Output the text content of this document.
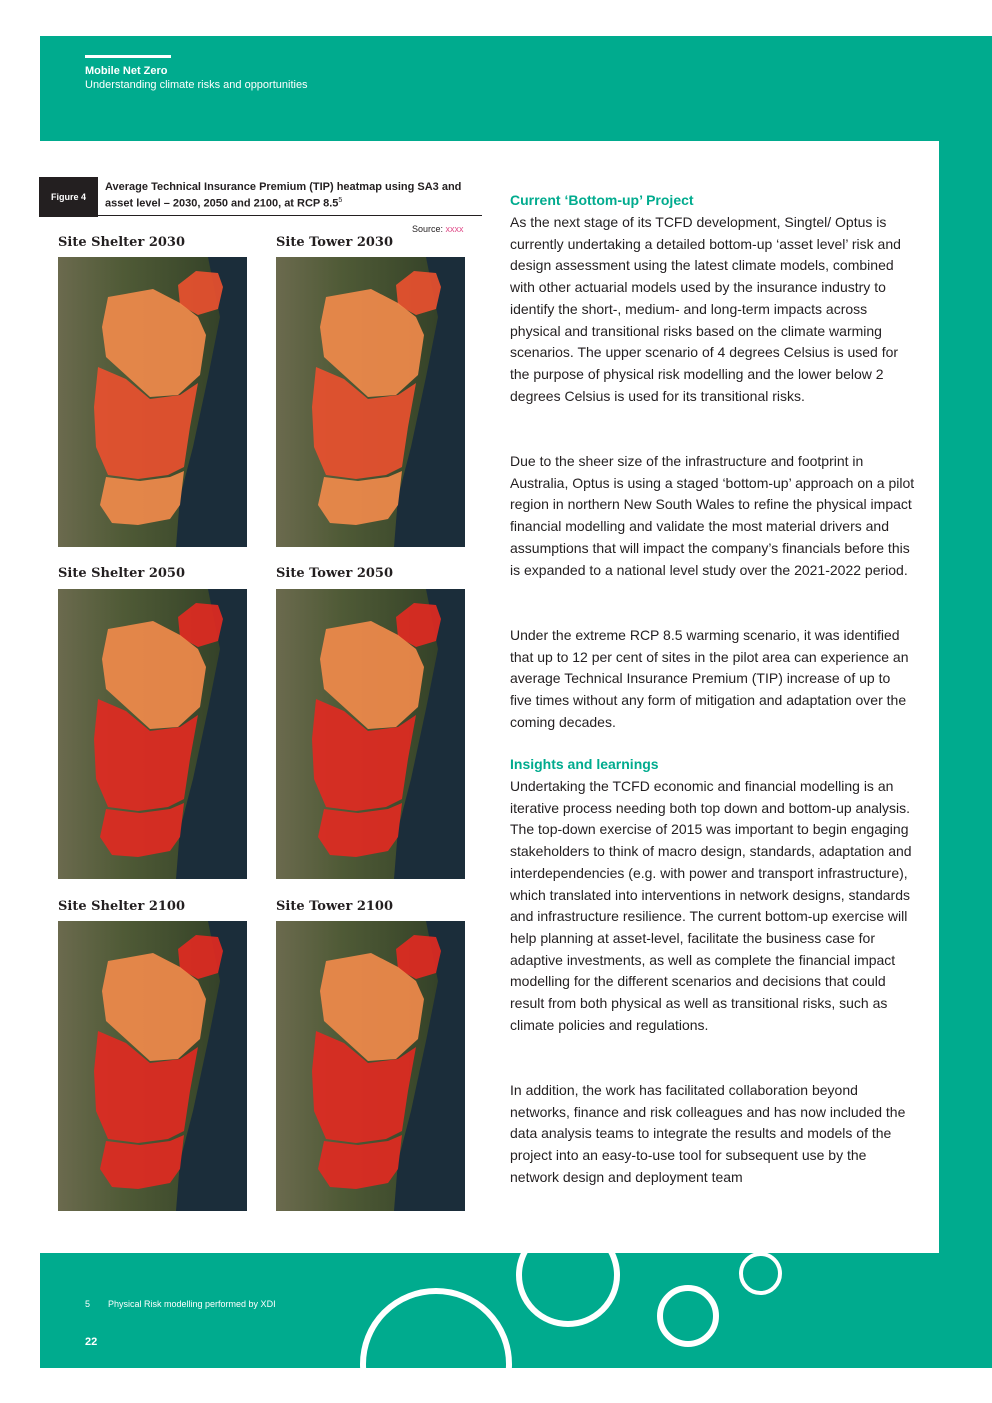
Mobile Net Zero
Understanding climate risks and opportunities
Figure 4
Average Technical Insurance Premium (TIP) heatmap using SA3 and asset level – 2030, 2050 and 2100, at RCP $8.5^5$
Source: xxxx
Site Shelter 2030	Site Tower 2030
Site Shelter 2050	Site Tower 2050
Site Shelter 2100	Site Tower 2100
Current ‘Bottom-up’ Project
As the next stage of its TCFD development, Singtel/ Optus is currently undertaking a detailed bottom-up ‘asset level’ risk and design assessment using the latest climate models, combined with other actuarial models used by the insurance industry to identify the short-, medium- and long-term impacts across physical and transitional risks based on the climate warming scenarios. The upper scenario of 4 degrees Celsius is used for the purpose of physical risk modelling and the lower below 2 degrees Celsius is used for its transitional risks.
Due to the sheer size of the infrastructure and footprint in Australia, Optus is using a staged ‘bottom-up’ approach on a pilot region in northern New South Wales to refine the physical impact financial modelling and validate the most material drivers and assumptions that will impact the company’s financials before this is expanded to a national level study over the 2021-2022 period.
Under the extreme RCP 8.5 warming scenario, it was identified that up to 12 per cent of sites in the pilot area can experience an average Technical Insurance Premium (TIP) increase of up to five times without any form of mitigation and adaptation over the coming decades.
Insights and learnings
Undertaking the TCFD economic and financial modelling is an iterative process needing both top down and bottom-up analysis. The top-down exercise of 2015 was important to begin engaging stakeholders to think of macro design, standards, adaptation and interdependencies (e.g. with power and transport infrastructure), which translated into interventions in network designs, standards and infrastructure resilience. The current bottom-up exercise will help planning at asset-level, facilitate the business case for adaptive investments, as well as complete the financial impact modelling for the different scenarios and decisions that could result from both physical as well as transitional risks, such as climate policies and regulations.
In addition, the work has facilitated collaboration beyond networks, finance and risk colleagues and has now included the data analysis teams to integrate the results and models of the project into an easy-to-use tool for subsequent use by the network design and deployment team
5 Physical Risk modelling performed by XDI
22
